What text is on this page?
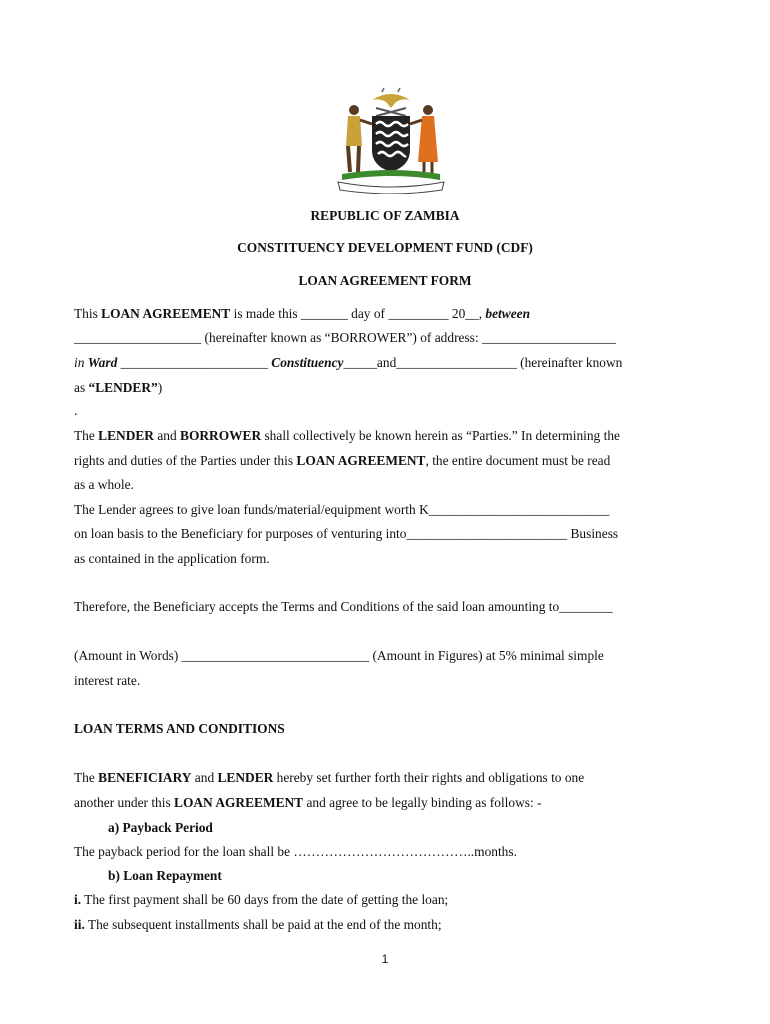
REPUBLIC OF ZAMBIA
CONSTITUENCY DEVELOPMENT FUND (CDF)
LOAN AGREEMENT FORM
This LOAN AGREEMENT is made this _______ day of _________ 20__, between
___________________ (hereinafter known as “BORROWER”) of address: ____________________
in Ward ______________________ Constituency_____and__________________ (hereinafter known
as “LENDER”)
.
The LENDER and BORROWER shall collectively be known herein as “Parties.” In determining the
rights and duties of the Parties under this LOAN AGREEMENT, the entire document must be read
as a whole.
The Lender agrees to give loan funds/material/equipment worth K___________________________
on loan basis to the Beneficiary for purposes of venturing into________________________ Business
as contained in the application form.
Therefore, the Beneficiary accepts the Terms and Conditions of the said loan amounting to________
(Amount in Words) ____________________________ (Amount in Figures) at 5% minimal simple
interest rate.
LOAN TERMS AND CONDITIONS
The BENEFICIARY and LENDER hereby set further forth their rights and obligations to one
another under this LOAN AGREEMENT and agree to be legally binding as follows: -
a) Payback Period
The payback period for the loan shall be …………………………………..months.
b) Loan Repayment
i. The first payment shall be 60 days from the date of getting the loan;
ii. The subsequent installments shall be paid at the end of the month;
1
